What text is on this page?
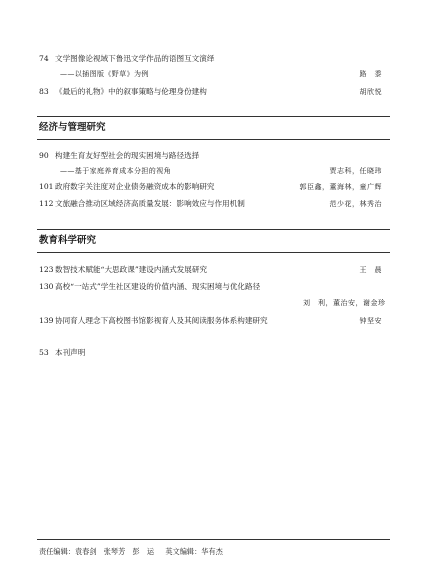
74 文学图像论视域下鲁迅文学作品的语图互文演绎
——以插图版《野草》为例	路　黍
83 《最后的礼物》中的叙事策略与伦理身份建构	胡欣悦
经济与管理研究
90 构建生育友好型社会的现实困境与路径选择
——基于家庭养育成本分担的视角	贾志科，任晓玮
101 政府数字关注度对企业债务融资成本的影响研究	郭臣鑫，董海林，童广辉
112 文旅融合推动区域经济高质量发展：影响效应与作用机制	范少花，林秀治
教育科学研究
123 数智技术赋能“大思政课”建设内涵式发展研究	王　晨
130 高校“一站式”学生社区建设的价值内涵、现实困境与优化路径
刘　利，董治安，谢金珍
139 协同育人理念下高校图书馆影视育人及其阅读服务体系构建研究	钟坚安
53 本刊声明
责任编辑：袁春剑　张琴芳　彭　运 英文编辑：华有杰
